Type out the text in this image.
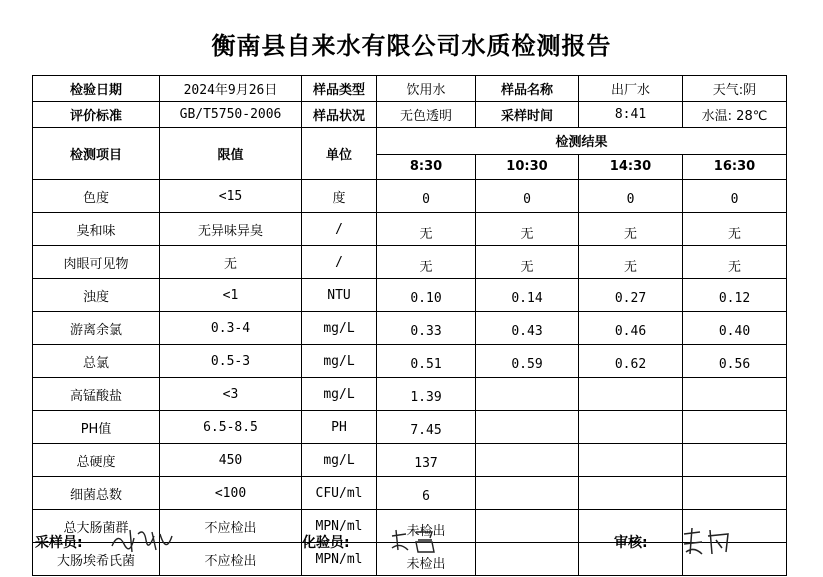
衡南县自来水有限公司水质检测报告
检验日期	2024年9月26日	样品类型	饮用水	样品名称	出厂水	天气:阴
评价标准	GB/T5750-2006	样品状况	无色透明	采样时间	8:41	水温: 28℃
检测项目	限值	单位	检测结果			
			8:30	10:30	14:30	16:30
色度	<15	度	0	0	0	0
臭和味	无异味异臭	/	无	无	无	无
肉眼可见物	无	/	无	无	无	无
浊度	<1	NTU	0.10	0.14	0.27	0.12
游离余氯	0.3-4	mg/L	0.33	0.43	0.46	0.40
总氯	0.5-3	mg/L	0.51	0.59	0.62	0.56
高锰酸盐	<3	mg/L	1.39			
PH值	6.5-8.5	PH	7.45			
总硬度	450	mg/L	137			
细菌总数	<100	CFU/ml	6			
总大肠菌群	不应检出	MPN/ml	未检出			
大肠埃希氏菌	不应检出	MPN/ml	未检出			
采样员:	化验员:	审核:
